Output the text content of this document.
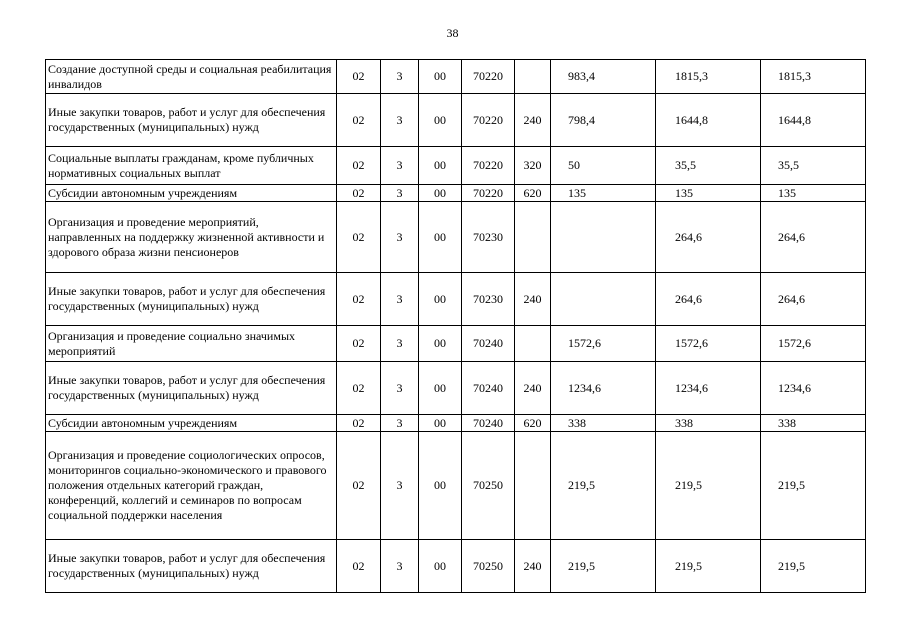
38
Создание доступной среды и социальная реабилитация инвалидов	02	3	00	70220		983,4	1815,3	1815,3
Иные закупки товаров, работ и услуг для обеспечения государственных (муниципальных) нужд	02	3	00	70220	240	798,4	1644,8	1644,8
Социальные выплаты гражданам, кроме публичных нормативных социальных выплат	02	3	00	70220	320	50	35,5	35,5
Субсидии автономным учреждениям	02	3	00	70220	620	135	135	135
Организация и проведение мероприятий, направленных на поддержку жизненной активности и здорового образа жизни пенсионеров	02	3	00	70230			264,6	264,6
Иные закупки товаров, работ и услуг для обеспечения государственных (муниципальных) нужд	02	3	00	70230	240		264,6	264,6
Организация и проведение социально значимых мероприятий	02	3	00	70240		1572,6	1572,6	1572,6
Иные закупки товаров, работ и услуг для обеспечения государственных (муниципальных) нужд	02	3	00	70240	240	1234,6	1234,6	1234,6
Субсидии автономным учреждениям	02	3	00	70240	620	338	338	338
Организация и проведение социологических опросов, мониторингов социально-экономического и правового положения отдельных категорий граждан, конференций, коллегий и семинаров по вопросам социальной поддержки населения	02	3	00	70250		219,5	219,5	219,5
Иные закупки товаров, работ и услуг для обеспечения государственных (муниципальных) нужд	02	3	00	70250	240	219,5	219,5	219,5
